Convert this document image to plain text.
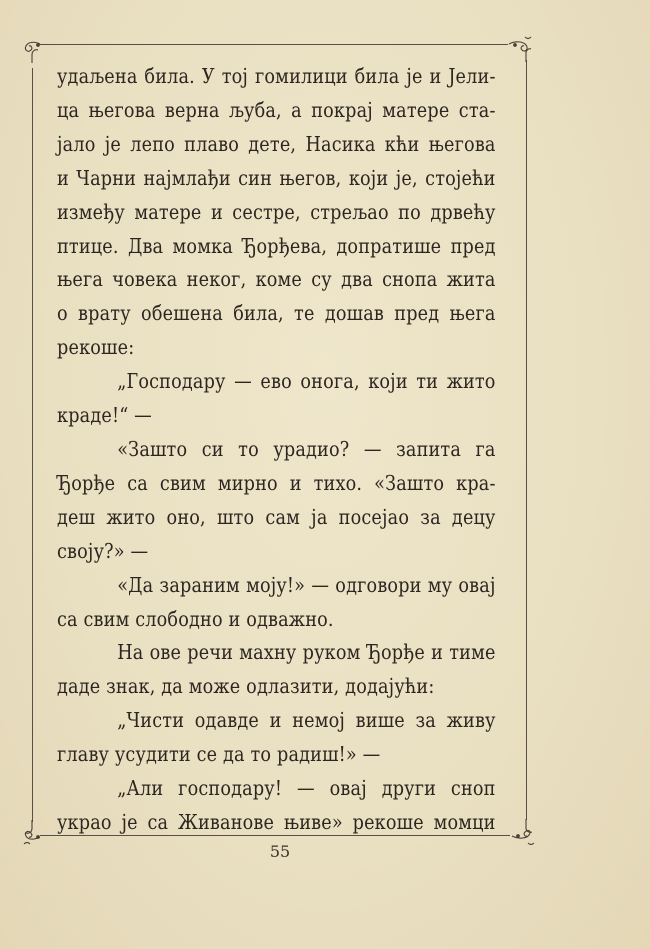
удаљена била. У тој гомилици била је и Јели-

ца његова верна љуба, а покрај матере ста-

јало је лепо плаво дете, Насика кћи његова

и Чарни најмлађи син његов, који је, стојећи

између матере и сестре, стрељао по дрвећу

птице. Два момка Ђорђева, допратише пред

њега човека неког, коме су два снопа жита

о врату обешена била, те дошав пред њега

рекоше:

„Господару — ево онога, који ти жито

краде!“ —

«Зашто си то урадио? — запита га

Ђорђе са свим мирно и тихо. «Зашто кра-

деш жито оно, што сам ја посејао за децу

своју?» —

«Да зараним моју!» — одговори му овај

са свим слободно и одважно.

На ове речи махну руком Ђорђе и тиме

даде знак, да може одлазити, додајући:

„Чисти одавде и немој више за живу

главу усудити се да то радиш!» —

„Али господару! — овај други сноп

украо је са Живанове њиве» рекоше момци

55
